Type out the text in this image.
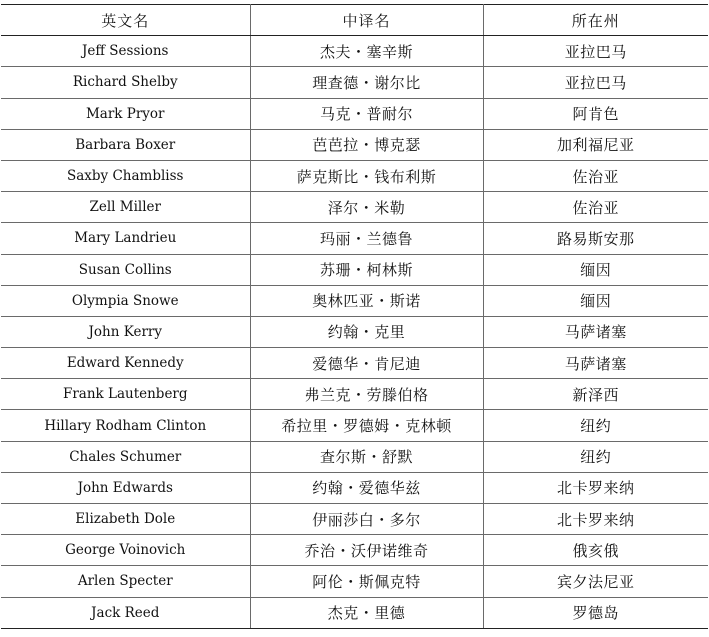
英文名	中译名	所在州
Jeff Sessions	杰夫・塞辛斯	亚拉巴马
Richard Shelby	理查德・谢尔比	亚拉巴马
Mark Pryor	马克・普耐尔	阿肯色
Barbara Boxer	芭芭拉・博克瑟	加利福尼亚
Saxby Chambliss	萨克斯比・钱布利斯	佐治亚
Zell Miller	泽尔・米勒	佐治亚
Mary Landrieu	玛丽・兰德鲁	路易斯安那
Susan Collins	苏珊・柯林斯	缅因
Olympia Snowe	奥林匹亚・斯诺	缅因
John Kerry	约翰・克里	马萨诸塞
Edward Kennedy	爱德华・肯尼迪	马萨诸塞
Frank Lautenberg	弗兰克・劳滕伯格	新泽西
Hillary Rodham Clinton	希拉里・罗德姆・克林顿	纽约
Chales Schumer	查尔斯・舒默	纽约
John Edwards	约翰・爱德华兹	北卡罗来纳
Elizabeth Dole	伊丽莎白・多尔	北卡罗来纳
George Voinovich	乔治・沃伊诺维奇	俄亥俄
Arlen Specter	阿伦・斯佩克特	宾夕法尼亚
Jack Reed	杰克・里德	罗德岛
